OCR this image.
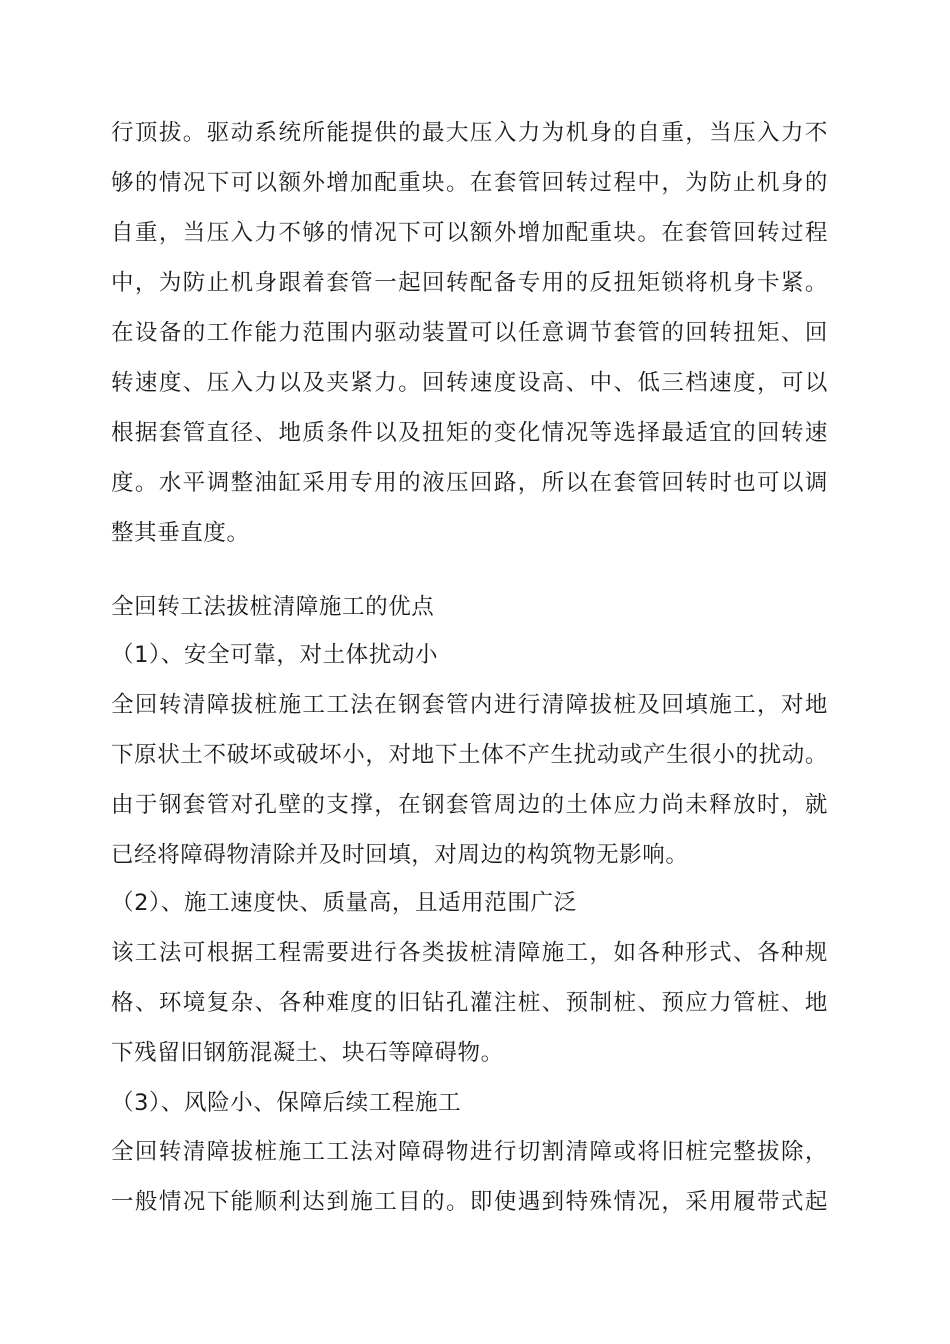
行顶拔。驱动系统所能提供的最大压入力为机身的自重，当压入力不
够的情况下可以额外增加配重块。在套管回转过程中，为防止机身的
自重，当压入力不够的情况下可以额外增加配重块。在套管回转过程
中，为防止机身跟着套管一起回转配备专用的反扭矩锁将机身卡紧。
在设备的工作能力范围内驱动装置可以任意调节套管的回转扭矩、回
转速度、压入力以及夹紧力。回转速度设高、中、低三档速度，可以
根据套管直径、地质条件以及扭矩的变化情况等选择最适宜的回转速
度。水平调整油缸采用专用的液压回路，所以在套管回转时也可以调
整其垂直度。
全回转工法拔桩清障施工的优点
（1）、安全可靠，对土体扰动小
全回转清障拔桩施工工法在钢套管内进行清障拔桩及回填施工，对地
下原状土不破坏或破坏小，对地下土体不产生扰动或产生很小的扰动。
由于钢套管对孔壁的支撑，在钢套管周边的土体应力尚未释放时，就
已经将障碍物清除并及时回填，对周边的构筑物无影响。
（2）、施工速度快、质量高，且适用范围广泛
该工法可根据工程需要进行各类拔桩清障施工，如各种形式、各种规
格、环境复杂、各种难度的旧钻孔灌注桩、预制桩、预应力管桩、地
下残留旧钢筋混凝土、块石等障碍物。
（3）、风险小、保障后续工程施工
全回转清障拔桩施工工法对障碍物进行切割清障或将旧桩完整拔除，
一般情况下能顺利达到施工目的。即使遇到特殊情况，采用履带式起
